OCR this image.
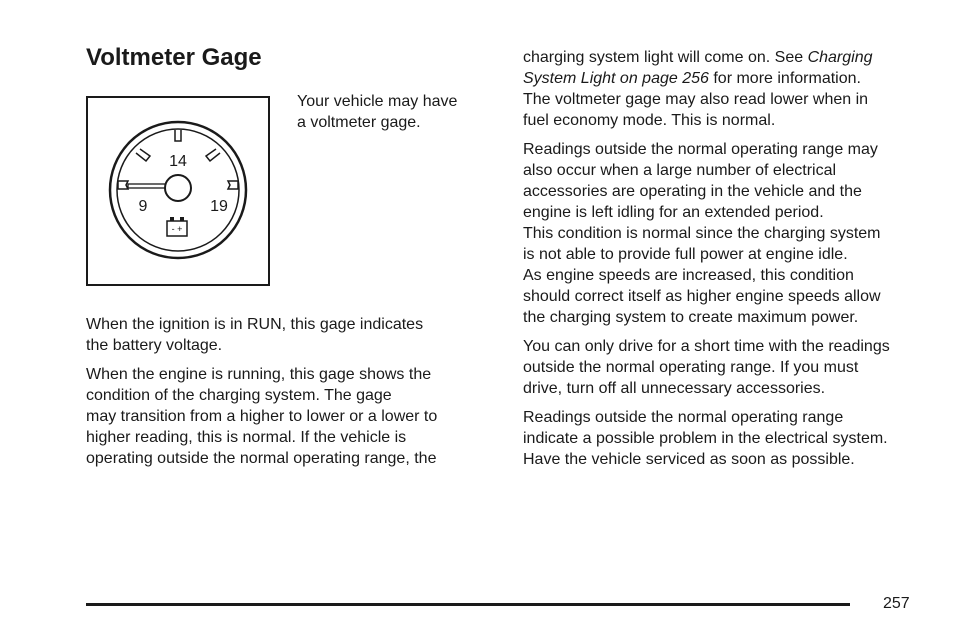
Voltmeter Gage
14
9	19
- +
Your vehicle may have
a voltmeter gage.

When the ignition is in RUN, this gage indicates
the battery voltage.

When the engine is running, this gage shows the
condition of the charging system. The gage
may transition from a higher to lower or a lower to
higher reading, this is normal. If the vehicle is
operating outside the normal operating range, the

charging system light will come on. See Charging
System Light on page 256 for more information.
The voltmeter gage may also read lower when in
fuel economy mode. This is normal.

Readings outside the normal operating range may
also occur when a large number of electrical
accessories are operating in the vehicle and the
engine is left idling for an extended period.
This condition is normal since the charging system
is not able to provide full power at engine idle.
As engine speeds are increased, this condition
should correct itself as higher engine speeds allow
the charging system to create maximum power.

You can only drive for a short time with the readings
outside the normal operating range. If you must
drive, turn off all unnecessary accessories.

Readings outside the normal operating range
indicate a possible problem in the electrical system.
Have the vehicle serviced as soon as possible.

257
